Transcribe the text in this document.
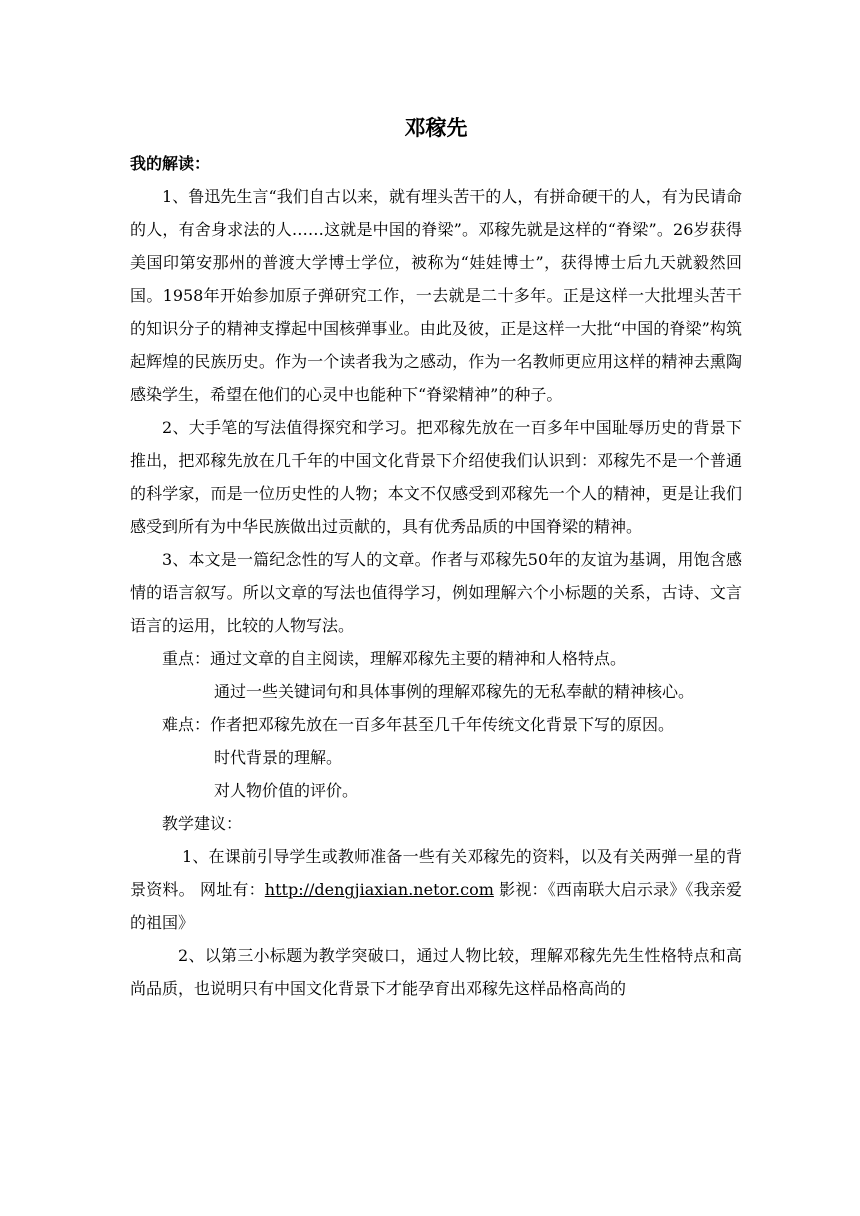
邓稼先

我的解读：

1、鲁迅先生言“我们自古以来，就有埋头苦干的人，有拼命硬干的人，有为民请命的人，有舍身求法的人……这就是中国的脊梁”。邓稼先就是这样的“脊梁”。26岁获得美国印第安那州的普渡大学博士学位，被称为“娃娃博士”，获得博士后九天就毅然回国。1958年开始参加原子弹研究工作，一去就是二十多年。正是这样一大批埋头苦干的知识分子的精神支撑起中国核弹事业。由此及彼，正是这样一大批“中国的脊梁”构筑起辉煌的民族历史。作为一个读者我为之感动，作为一名教师更应用这样的精神去熏陶感染学生，希望在他们的心灵中也能种下“脊梁精神”的种子。

2、大手笔的写法值得探究和学习。把邓稼先放在一百多年中国耻辱历史的背景下推出，把邓稼先放在几千年的中国文化背景下介绍使我们认识到：邓稼先不是一个普通的科学家，而是一位历史性的人物；本文不仅感受到邓稼先一个人的精神，更是让我们感受到所有为中华民族做出过贡献的，具有优秀品质的中国脊梁的精神。

3、本文是一篇纪念性的写人的文章。作者与邓稼先50年的友谊为基调，用饱含感情的语言叙写。所以文章的写法也值得学习，例如理解六个小标题的关系，古诗、文言语言的运用，比较的人物写法。

重点：通过文章的自主阅读，理解邓稼先主要的精神和人格特点。

通过一些关键词句和具体事例的理解邓稼先的无私奉献的精神核心。

难点：作者把邓稼先放在一百多年甚至几千年传统文化背景下写的原因。

时代背景的理解。

对人物价值的评价。

教学建议：

1、在课前引导学生或教师准备一些有关邓稼先的资料，以及有关两弹一星的背景资料。 网址有：http://dengjiaxian.netor.com 影视：《西南联大启示录》《我亲爱的祖国》

2、以第三小标题为教学突破口，通过人物比较，理解邓稼先先生性格特点和高尚品质，也说明只有中国文化背景下才能孕育出邓稼先这样品格高尚的
